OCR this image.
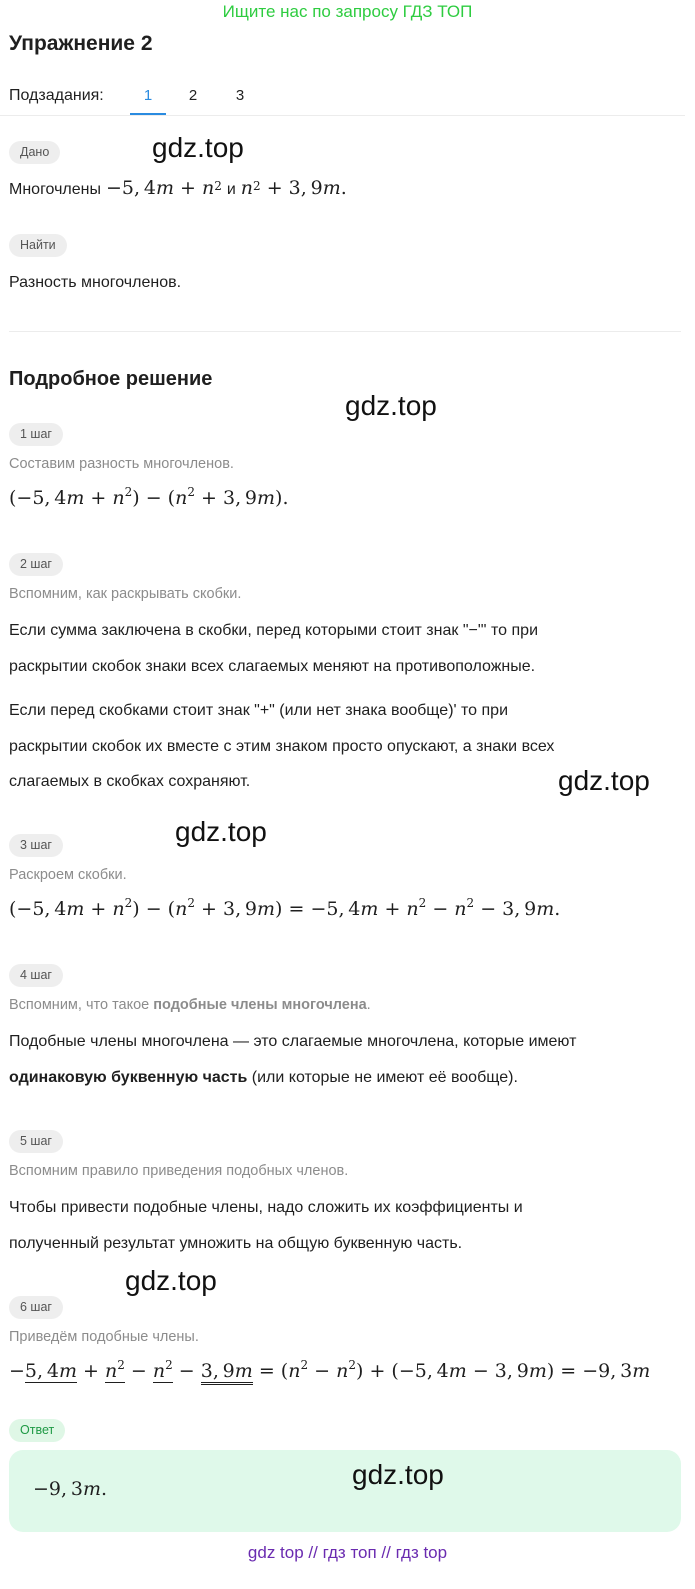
Ищите нас по запросу ГДЗ ТОП
Упражнение 2
Подзадания:	1	2	3
Дано	gdz.top
Многочлены −5, $4m + n^2$ и $n^2 + 3$, 9m.
Найти
Разность многочленов.
Подробное решение
gdz.top
1 шаг
Составим разность многочленов.
(−5, $4m + n^2) - (n^2 + 3$, 9m).
2 шаг
Вспомним, как раскрывать скобки.
Если сумма заключена в скобки, перед которыми стоит знак "−"' то при
раскрытии скобок знаки всех слагаемых меняют на противоположные.
Если перед скобками стоит знак "+" (или нет знака вообще)' то при
раскрытии скобок их вместе с этим знаком просто опускают, а знаки всех
слагаемых в скобках сохраняют.	gdz.top
gdz.top
3 шаг
Раскроем скобки.
(−5, $4m + n^2) - (n^2 + 3$, 9m) = −5, $4m + n^2 - n^2 - 3$, 9m.
4 шаг
Вспомним, что такое подобные члены многочлена.
Подобные члены многочлена — это слагаемые многочлена, которые имеют
одинаковую буквенную часть (или которые не имеют её вообще).
5 шаг
Вспомним правило приведения подобных членов.
Чтобы привести подобные члены, надо сложить их коэффициенты и
полученный результат умножить на общую буквенную часть.
gdz.top
6 шаг
Приведём подобные члены.
−5, $4m + n^2 - n^2 - 3$, $9m = (n^2 - n^2) + (-5$, 4m − 3, 9m) = −9, 3m
Ответ
gdz.top
−9, 3m.
gdz top // гдз топ // гдз top
